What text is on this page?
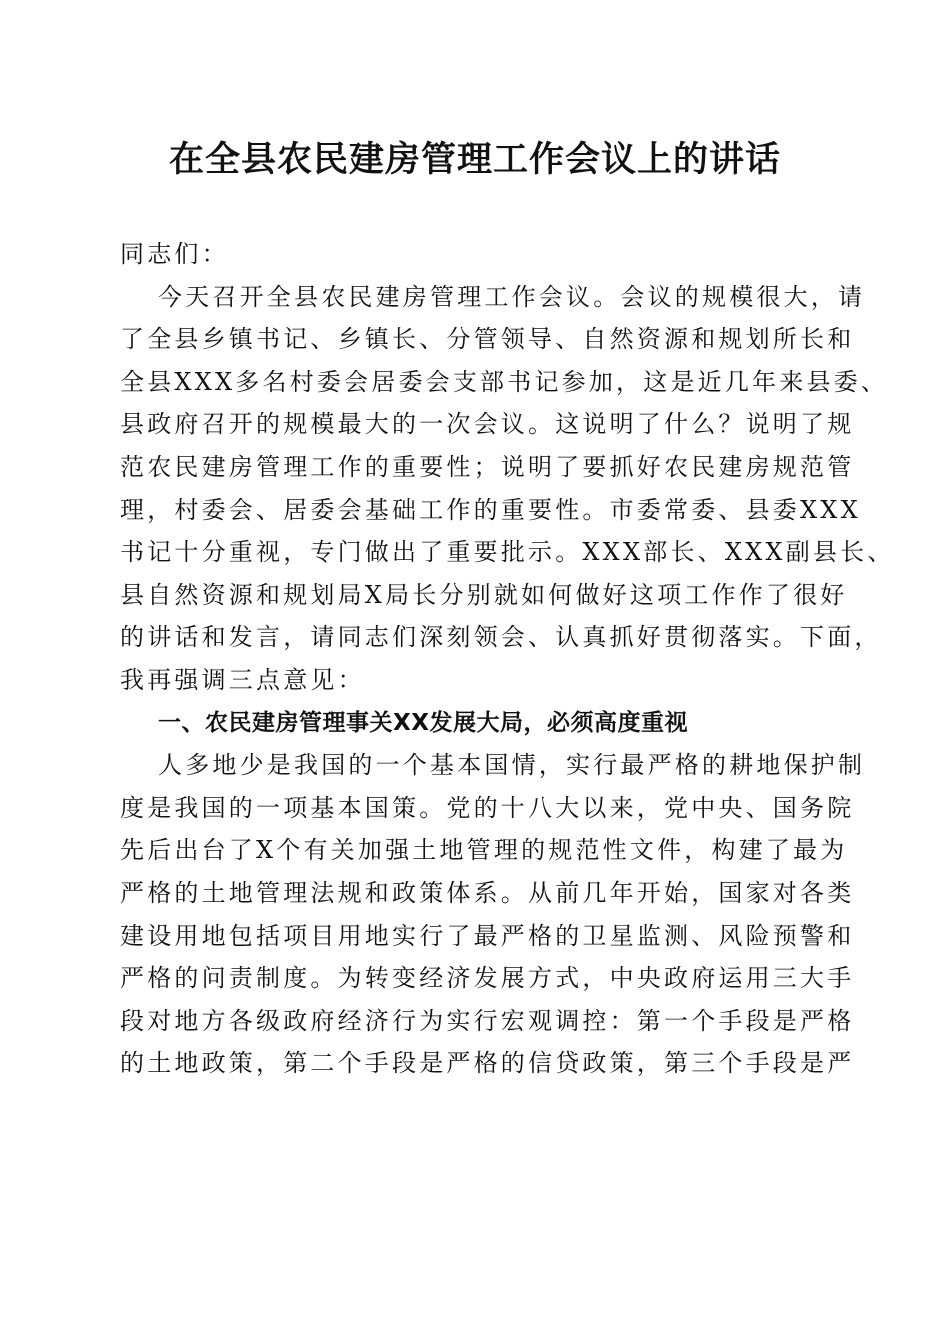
在全县农民建房管理工作会议上的讲话
同志们：
今天召开全县农民建房管理工作会议。会议的规模很大，请
了全县乡镇书记、乡镇长、分管领导、自然资源和规划所长和
全县XXX多名村委会居委会支部书记参加，这是近几年来县委、
县政府召开的规模最大的一次会议。这说明了什么？说明了规
范农民建房管理工作的重要性；说明了要抓好农民建房规范管
理，村委会、居委会基础工作的重要性。市委常委、县委XXX
书记十分重视，专门做出了重要批示。XXX部长、XXX副县长、
县自然资源和规划局X局长分别就如何做好这项工作作了很好
的讲话和发言，请同志们深刻领会、认真抓好贯彻落实。下面，
我再强调三点意见：
一、农民建房管理事关XX发展大局，必须高度重视
人多地少是我国的一个基本国情，实行最严格的耕地保护制
度是我国的一项基本国策。党的十八大以来，党中央、国务院
先后出台了X个有关加强土地管理的规范性文件，构建了最为
严格的土地管理法规和政策体系。从前几年开始，国家对各类
建设用地包括项目用地实行了最严格的卫星监测、风险预警和
严格的问责制度。为转变经济发展方式，中央政府运用三大手
段对地方各级政府经济行为实行宏观调控：第一个手段是严格
的土地政策，第二个手段是严格的信贷政策，第三个手段是严
